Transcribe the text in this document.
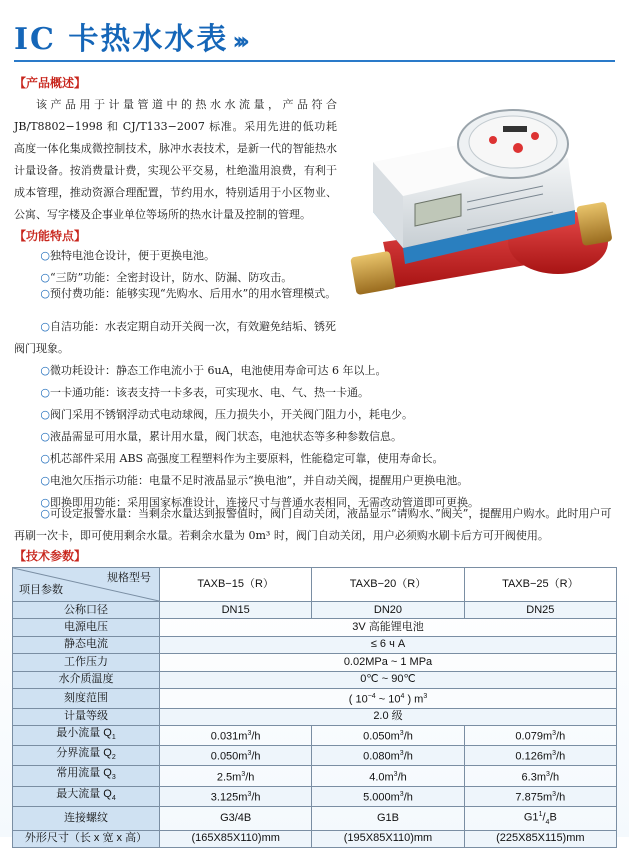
IC 卡热水水表 ›››
【产品概述】
该产品用于计量管道中的热水水流量，产品符合 JB/T8802−1998 和 CJ/T133−2007 标准。采用先进的低功耗高度一体化集成微控制技术，脉冲水表技术，是新一代的智能热水计量设备。按消费量计费，实现公平交易，杜绝滥用浪费，有利于成本管理，推动资源合理配置，节约用水，特别适用于小区物业、公寓、写字楼及企事业单位等场所的热水计量及控制的管理。
【功能特点】
○独特电池仓设计，便于更换电池。
○“三防”功能：全密封设计，防水、防漏、防攻击。
○预付费功能：能够实现“先购水、后用水”的用水管理模式。
○自洁功能：水表定期自动开关阀一次，有效避免结垢、锈死阀门现象。
○微功耗设计：静态工作电流小于 6uA，电池使用寿命可达 6 年以上。
○一卡通功能：该表支持一卡多表，可实现水、电、气、热一卡通。
○阀门采用不锈钢浮动式电动球阀，压力损失小，开关阀门阻力小，耗电少。
○液晶需显可用水量，累计用水量，阀门状态，电池状态等多种参数信息。
○机芯部件采用 ABS 高强度工程塑料作为主要原料，性能稳定可靠，使用寿命长。
○电池欠压指示功能：电量不足时液晶显示“换电池”，并自动关阀，提醒用户更换电池。
○即换即用功能：采用国家标准设计，连接尺寸与普通水表相同，无需改动管道即可更换。
○可设定报警水量：当剩余水量达到报警值时，阀门自动关闭，液晶显示“请购水、”阀关”，提醒用户购水。此时用户可再刷一次卡，即可使用剩余水量。若剩余水量为 0m³ 时，阀门自动关闭，用户必须购水刷卡后方可开阀使用。
【技术参数】
规格型号
项目参数	TAXB−15（R）	TAXB−20（R）	TAXB−25（R）
公称口径	DN15	DN20	DN25
电源电压	3V 高能锂电池		
静态电流	≤ 6 ч A		
工作压力	0.02MPa ~ 1 MPa		
水介质温度	0℃ ~ 90℃		
刻度范围	( $10^{-4}$ ~ $10^4$ ) $m^3$
计量等级	2.0 级		
最小流量 $Q_1$	$0.031m^3/h$	$0.050m^3/h$	$0.079m^3/h$
分界流量 $Q_2$	$0.050m^3/h$	$0.080m^3/h$	$0.126m^3/h$
常用流量 $Q_3$	$2.5m^3/h$	$4.0m^3/h$	$6.3m^3/h$
最大流量 $Q_4$	$3.125m^3/h$	$5.000m^3/h$	$7.875m^3/h$
连接螺纹	G3/4B	G1B	$G1^1/_4B$
外形尺寸（长 x 宽 x 高）	(165X85X110)mm	(195X85X110)mm	(225X85X115)mm
